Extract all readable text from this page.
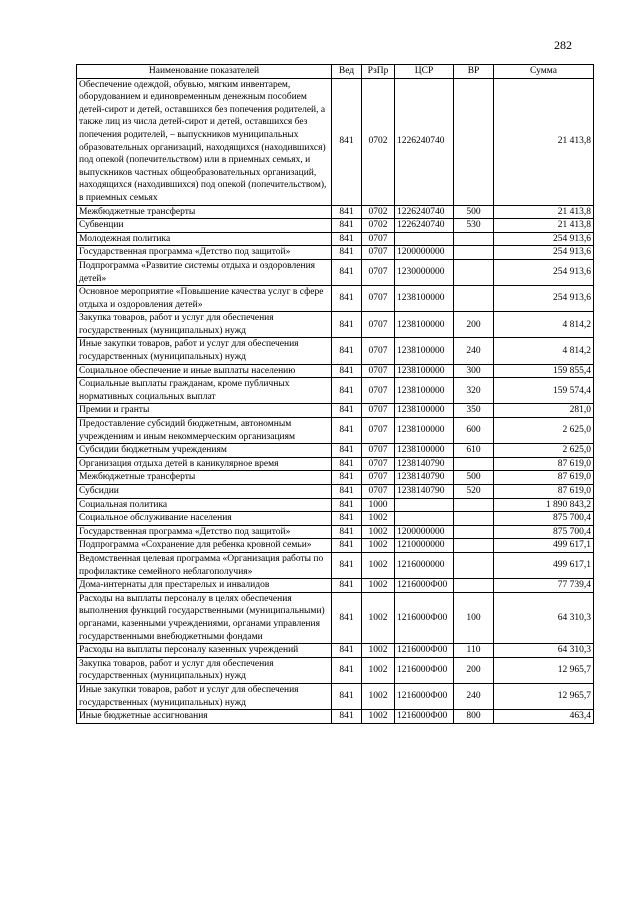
282
Наименование показателей	Вед	РзПр	ЦСР	ВР	Сумма
Обеспечение одеждой, обувью, мягким инвентарем, оборудованием и единовременным денежным пособием детей-сирот и детей, оставшихся без попечения родителей, а также лиц из числа детей-сирот и детей, оставшихся без попечения родителей, – выпускников муниципальных образовательных организаций, находящихся (находившихся) под опекой (попечительством) или в приемных семьях, и выпускников частных общеобразовательных организаций, находящихся (находившихся) под опекой (попечительством), в приемных семьях	841	0702	1226240740		21 413,8
Межбюджетные трансферты	841	0702	1226240740	500	21 413,8
Субвенции	841	0702	1226240740	530	21 413,8
Молодежная политика	841	0707			254 913,6
Государственная программа «Детство под защитой»	841	0707	1200000000		254 913,6
Подпрограмма «Развитие системы отдыха и оздоровления детей»	841	0707	1230000000		254 913,6
Основное мероприятие «Повышение качества услуг в сфере отдыха и оздоровления детей»	841	0707	1238100000		254 913,6
Закупка товаров, работ и услуг для обеспечения государственных (муниципальных) нужд	841	0707	1238100000	200	4 814,2
Иные закупки товаров, работ и услуг для обеспечения государственных (муниципальных) нужд	841	0707	1238100000	240	4 814,2
Социальное обеспечение и иные выплаты населению	841	0707	1238100000	300	159 855,4
Социальные выплаты гражданам, кроме публичных нормативных социальных выплат	841	0707	1238100000	320	159 574,4
Премии и гранты	841	0707	1238100000	350	281,0
Предоставление субсидий бюджетным, автономным учреждениям и иным некоммерческим организациям	841	0707	1238100000	600	2 625,0
Субсидии бюджетным учреждениям	841	0707	1238100000	610	2 625,0
Организация отдыха детей в каникулярное время	841	0707	1238140790		87 619,0
Межбюджетные трансферты	841	0707	1238140790	500	87 619,0
Субсидии	841	0707	1238140790	520	87 619,0
Социальная политика	841	1000			1 890 843,2
Социальное обслуживание населения	841	1002			875 700,4
Государственная программа «Детство под защитой»	841	1002	1200000000		875 700,4
Подпрограмма «Сохранение для ребенка кровной семьи»	841	1002	1210000000		499 617,1
Ведомственная целевая программа «Организация работы по профилактике семейного неблагополучия»	841	1002	1216000000		499 617,1
Дома-интернаты для престарелых и инвалидов	841	1002	1216000Ф00		77 739,4
Расходы на выплаты персоналу в целях обеспечения выполнения функций государственными (муниципальными) органами, казенными учреждениями, органами управления государственными внебюджетными фондами	841	1002	1216000Ф00	100	64 310,3
Расходы на выплаты персоналу казенных учреждений	841	1002	1216000Ф00	110	64 310,3
Закупка товаров, работ и услуг для обеспечения государственных (муниципальных) нужд	841	1002	1216000Ф00	200	12 965,7
Иные закупки товаров, работ и услуг для обеспечения государственных (муниципальных) нужд	841	1002	1216000Ф00	240	12 965,7
Иные бюджетные ассигнования	841	1002	1216000Ф00	800	463,4
